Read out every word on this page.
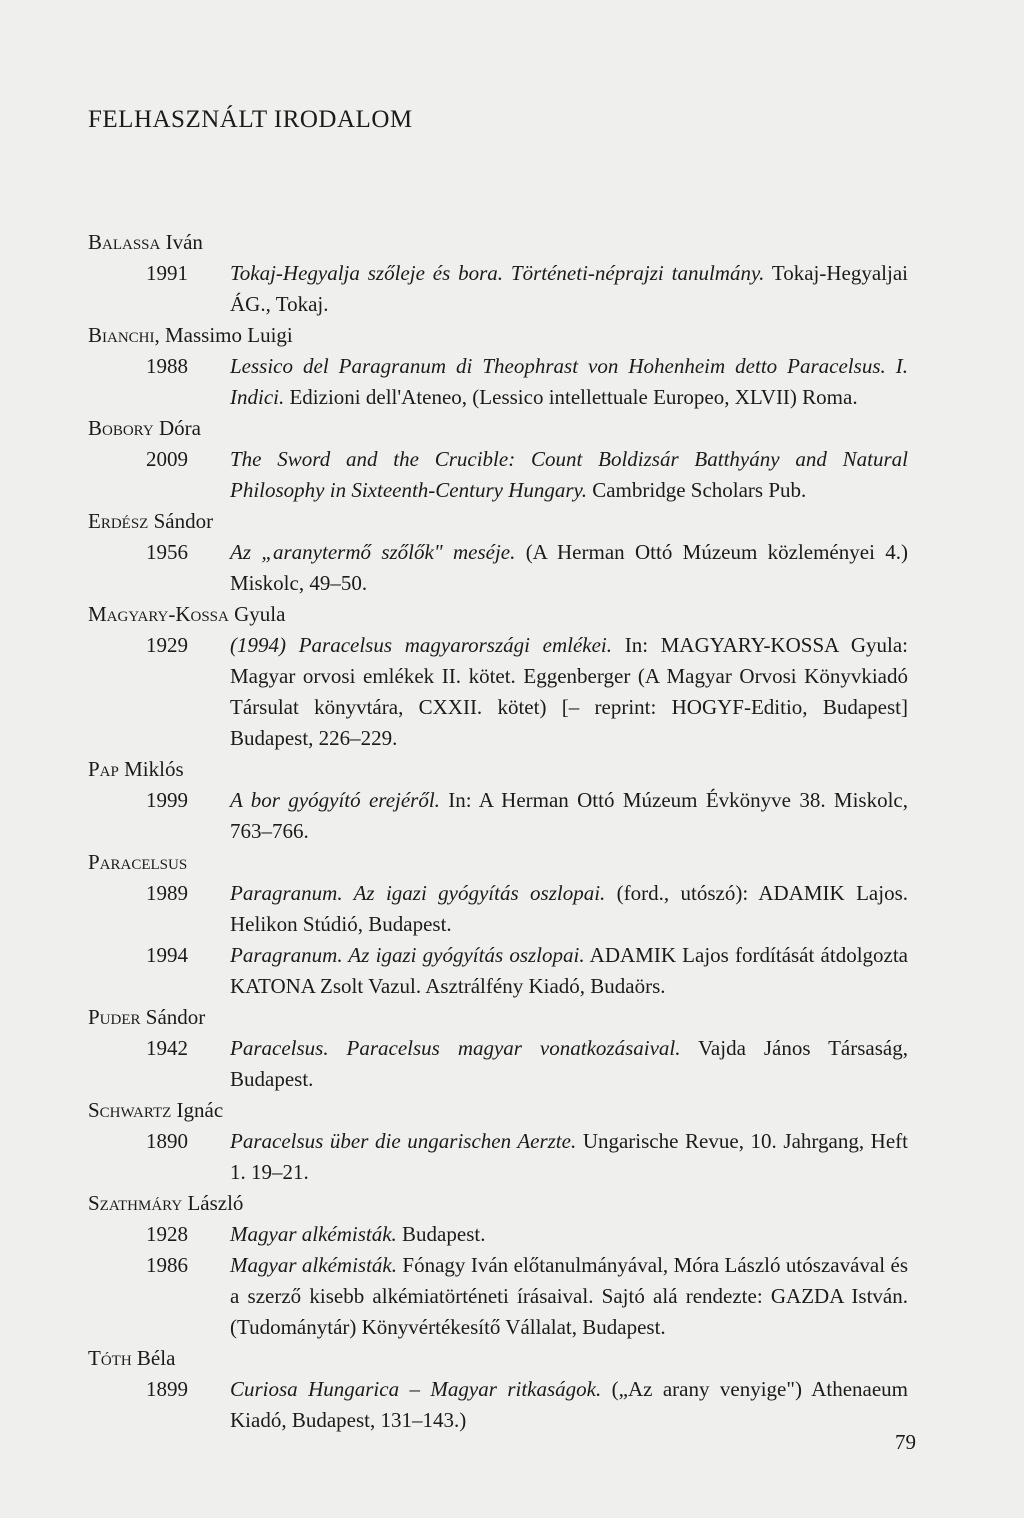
FELHASZNÁLT IRODALOM

Balassa Iván

1991	Tokaj-Hegyalja szőleje és bora. Történeti-néprajzi tanulmány. Tokaj-Hegyaljai ÁG., Tokaj.

Bianchi, Massimo Luigi

1988	Lessico del Paragranum di Theophrast von Hohenheim detto Paracelsus. I. Indici. Edizioni dell'Ateneo, (Lessico intellettuale Europeo, XLVII) Roma.

Bobory Dóra

2009	The Sword and the Crucible: Count Boldizsár Batthyány and Natural Philosophy in Sixteenth-Century Hungary. Cambridge Scholars Pub.

Erdész Sándor

1956	Az „aranytermő szőlők" meséje. (A Herman Ottó Múzeum közleményei 4.) Miskolc, 49–50.

Magyary-Kossa Gyula

1929	(1994) Paracelsus magyarországi emlékei. In: MAGYARY-KOSSA Gyula: Magyar orvosi emlékek II. kötet. Eggenberger (A Magyar Orvosi Könyvkiadó Társulat könyvtára, CXXII. kötet) [– reprint: HOGYF-Editio, Budapest] Budapest, 226–229.

Pap Miklós

1999	A bor gyógyító erejéről. In: A Herman Ottó Múzeum Évkönyve 38. Miskolc, 763–766.

Paracelsus

1989	Paragranum. Az igazi gyógyítás oszlopai. (ford., utószó): ADAMIK Lajos. Helikon Stúdió, Budapest.
1994	Paragranum. Az igazi gyógyítás oszlopai. ADAMIK Lajos fordítását átdolgozta KATONA Zsolt Vazul. Asztrálfény Kiadó, Budaörs.

Puder Sándor

1942	Paracelsus. Paracelsus magyar vonatkozásaival. Vajda János Társaság, Budapest.

Schwartz Ignác

1890	Paracelsus über die ungarischen Aerzte. Ungarische Revue, 10. Jahrgang, Heft 1. 19–21.

Szathmáry László

1928	Magyar alkémisták. Budapest.
1986	Magyar alkémisták. Fónagy Iván előtanulmányával, Móra László utószavával és a szerző kisebb alkémiatörténeti írásaival. Sajtó alá rendezte: GAZDA István. (Tudománytár) Könyvértékesítő Vállalat, Budapest.

Tóth Béla

1899	Curiosa Hungarica – Magyar ritkaságok. („Az arany venyige") Athenaeum Kiadó, Budapest, 131–143.)
79
